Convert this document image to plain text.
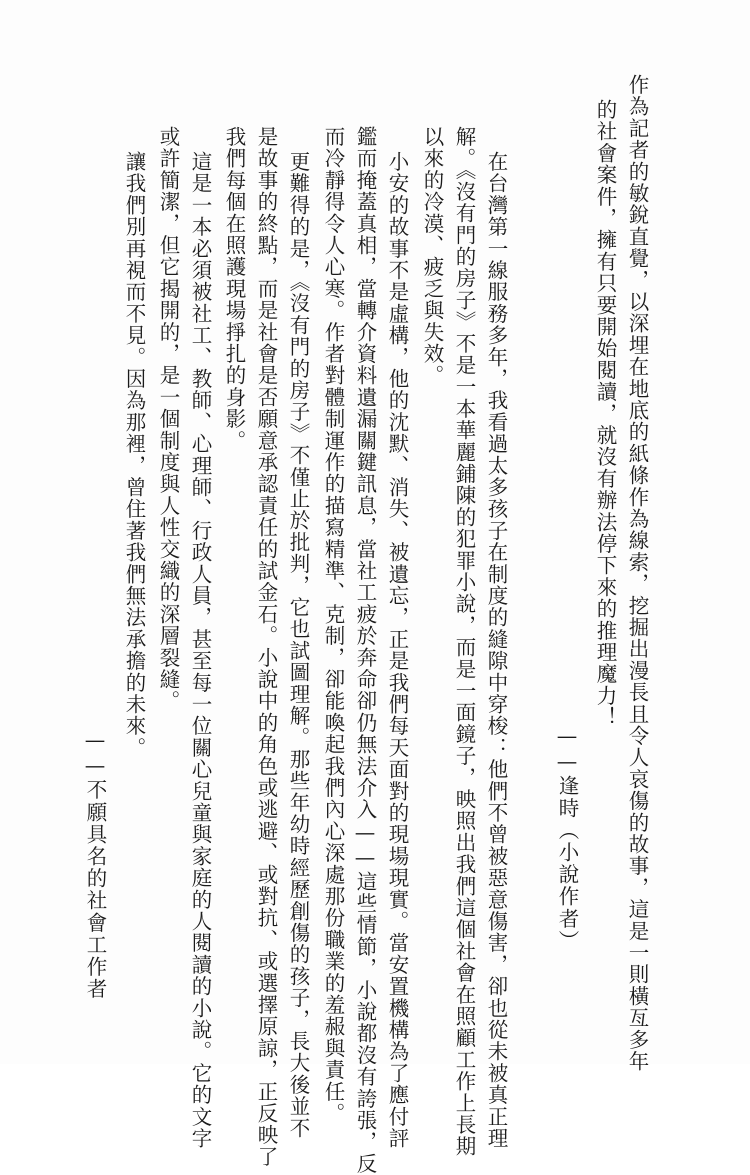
作為記者的敏銳直覺，以深埋在地底的紙條作為線索，挖掘出漫長且令人哀傷的故事，這是一則橫亙多年

的社會案件，擁有只要開始閱讀，就沒有辦法停下來的推理魔力！

——逢時（小說作者）

在台灣第一線服務多年，我看過太多孩子在制度的縫隙中穿梭：他們不曾被惡意傷害，卻也從未被真正理

解。《沒有門的房子》不是一本華麗鋪陳的犯罪小說，而是一面鏡子，映照出我們這個社會在照顧工作上長期

以來的冷漠、疲乏與失效。

小安的故事不是虛構，他的沈默、消失、被遺忘，正是我們每天面對的現場現實。當安置機構為了應付評

鑑而掩蓋真相，當轉介資料遺漏關鍵訊息，當社工疲於奔命卻仍無法介入——這些情節，小說都沒有誇張，反

而冷靜得令人心寒。作者對體制運作的描寫精準、克制，卻能喚起我們內心深處那份職業的羞赧與責任。

更難得的是，《沒有門的房子》不僅止於批判，它也試圖理解。那些年幼時經歷創傷的孩子，長大後並不

是故事的終點，而是社會是否願意承認責任的試金石。小說中的角色或逃避、或對抗、或選擇原諒，正反映了

我們每個在照護現場掙扎的身影。

這是一本必須被社工、教師、心理師、行政人員，甚至每一位關心兒童與家庭的人閱讀的小說。它的文字

或許簡潔，但它揭開的，是一個制度與人性交織的深層裂縫。

讓我們別再視而不見。因為那裡，曾住著我們無法承擔的未來。

——不願具名的社會工作者
